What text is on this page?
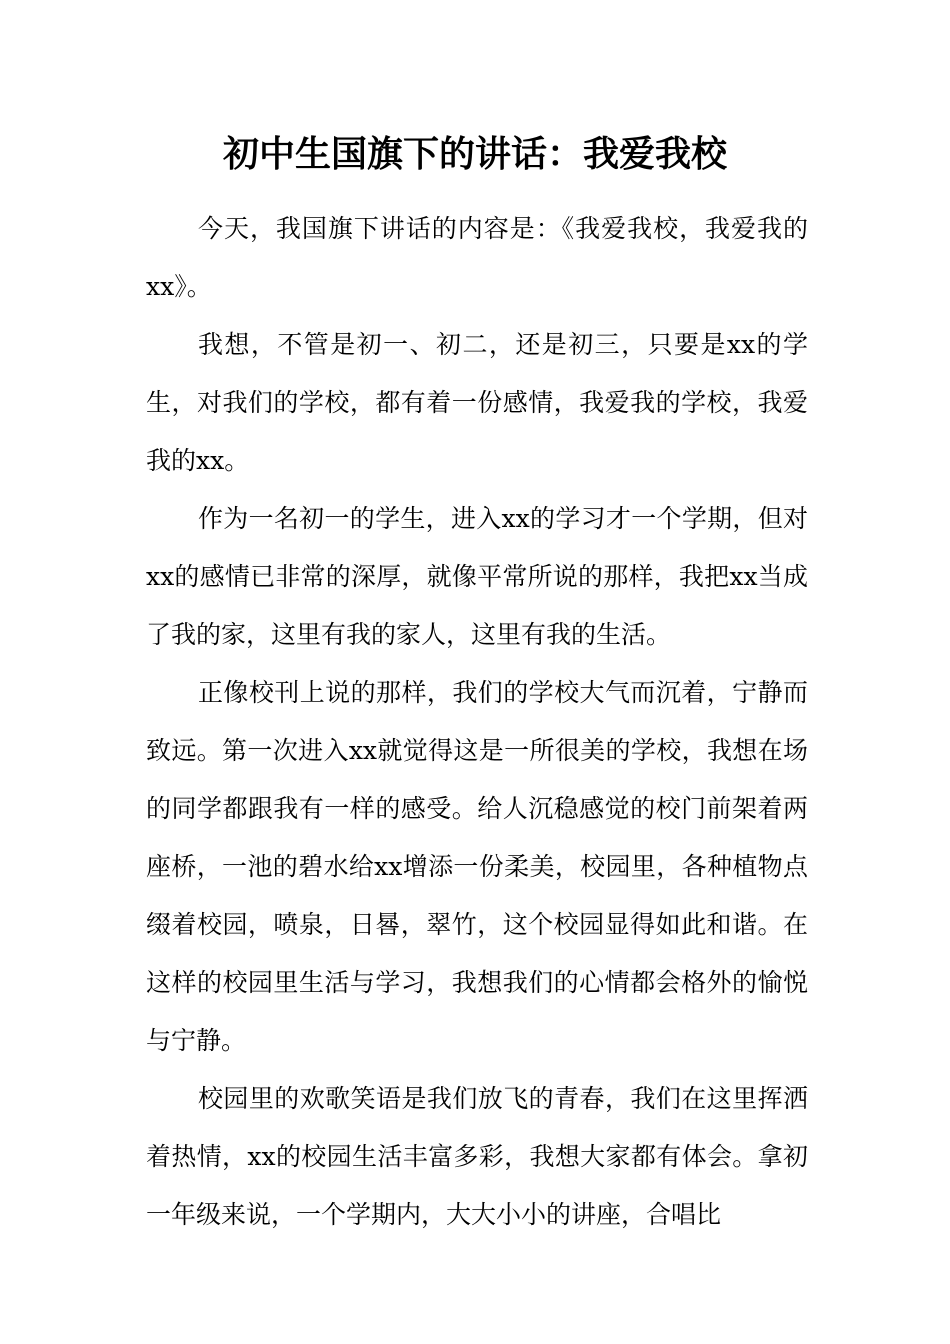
初中生国旗下的讲话：我爱我校

今天，我国旗下讲话的内容是：《我爱我校，我爱我的xx》。

我想，不管是初一、初二，还是初三，只要是xx的学生，对我们的学校，都有着一份感情，我爱我的学校，我爱我的xx。

作为一名初一的学生，进入xx的学习才一个学期，但对xx的感情已非常的深厚，就像平常所说的那样，我把xx当成了我的家，这里有我的家人，这里有我的生活。

正像校刊上说的那样，我们的学校大气而沉着，宁静而致远。第一次进入xx就觉得这是一所很美的学校，我想在场的同学都跟我有一样的感受。给人沉稳感觉的校门前架着两座桥，一池的碧水给xx增添一份柔美，校园里，各种植物点缀着校园，喷泉，日晷，翠竹，这个校园显得如此和谐。在这样的校园里生活与学习，我想我们的心情都会格外的愉悦与宁静。

校园里的欢歌笑语是我们放飞的青春，我们在这里挥洒着热情，xx的校园生活丰富多彩，我想大家都有体会。拿初一年级来说，一个学期内，大大小小的讲座，合唱比
